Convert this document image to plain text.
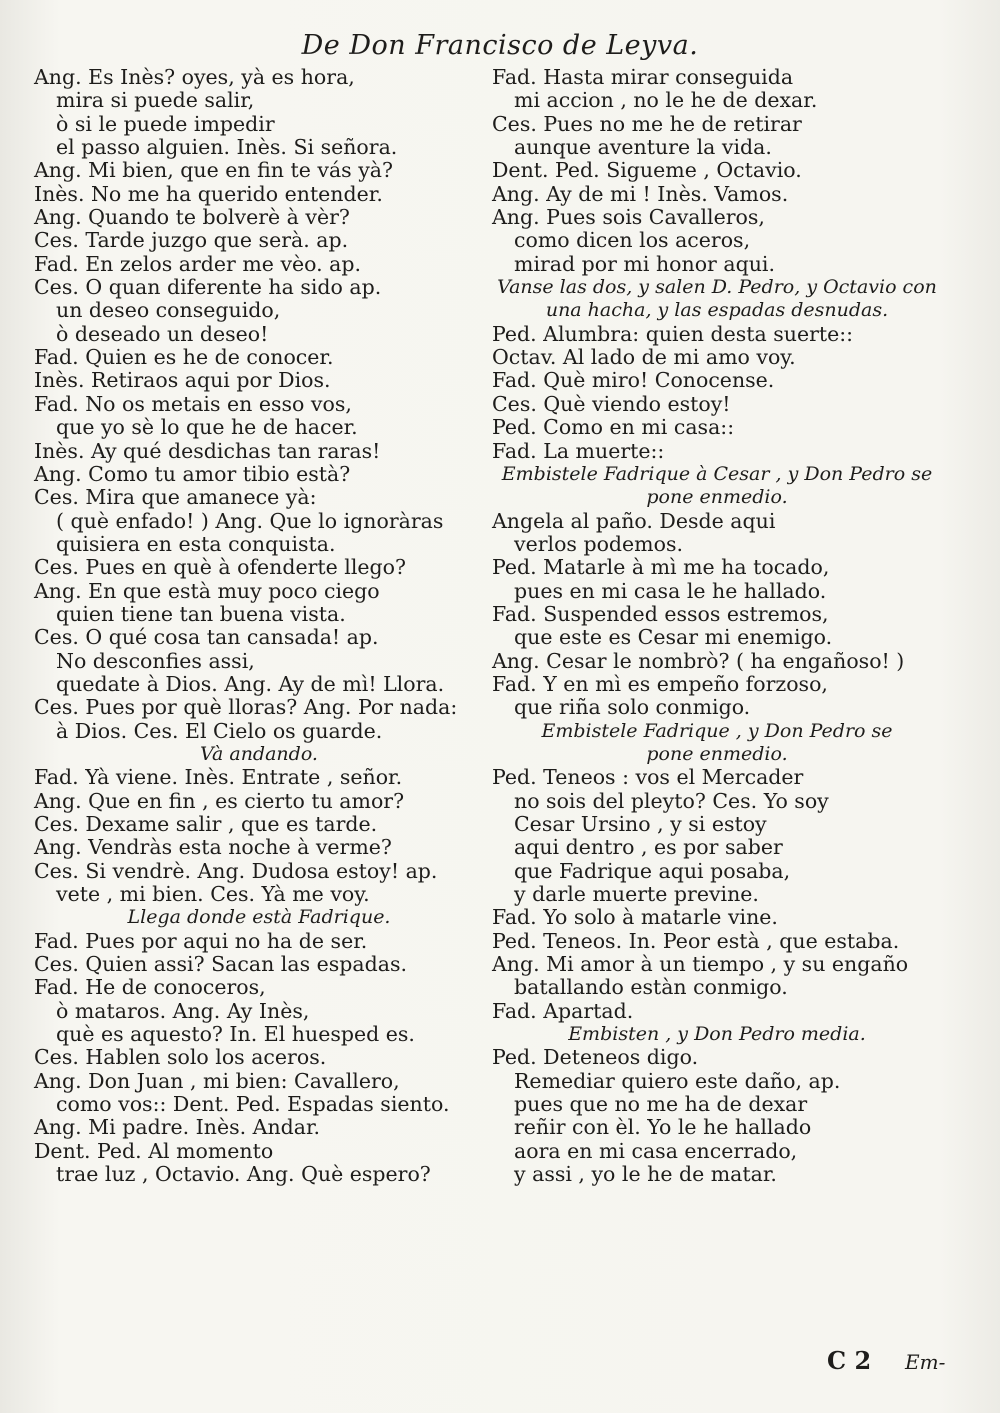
De Don Francisco de Leyva.
Ang. Es Inès? oyes, yà es hora,
mira si puede salir,
ò si le puede impedir
el passo alguien. Inès. Si señora.
Ang. Mi bien, que en fin te vás yà?
Inès. No me ha querido entender.
Ang. Quando te bolverè à vèr?
Ces. Tarde juzgo que serà. ap.
Fad. En zelos arder me vèo. ap.
Ces. O quan diferente ha sido ap.
un deseo conseguido,
ò deseado un deseo!
Fad. Quien es he de conocer.
Inès. Retiraos aqui por Dios.
Fad. No os metais en esso vos,
que yo sè lo que he de hacer.
Inès. Ay qué desdichas tan raras!
Ang. Como tu amor tibio està?
Ces. Mira que amanece yà:
( què enfado! ) Ang. Que lo ignoràras
quisiera en esta conquista.
Ces. Pues en què à ofenderte llego?
Ang. En que està muy poco ciego
quien tiene tan buena vista.
Ces. O qué cosa tan cansada! ap.
No desconfies assi,
quedate à Dios. Ang. Ay de mì! Llora.
Ces. Pues por què lloras? Ang. Por nada:
à Dios. Ces. El Cielo os guarde.
Và andando.
Fad. Yà viene. Inès. Entrate , señor.
Ang. Que en fin , es cierto tu amor?
Ces. Dexame salir , que es tarde.
Ang. Vendràs esta noche à verme?
Ces. Si vendrè. Ang. Dudosa estoy! ap.
vete , mi bien. Ces. Yà me voy.
Llega donde està Fadrique.
Fad. Pues por aqui no ha de ser.
Ces. Quien assi? Sacan las espadas.
Fad. He de conoceros,
ò mataros. Ang. Ay Inès,
què es aquesto? In. El huesped es.
Ces. Hablen solo los aceros.
Ang. Don Juan , mi bien: Cavallero,
como vos:: Dent. Ped. Espadas siento.
Ang. Mi padre. Inès. Andar.
Dent. Ped. Al momento
trae luz , Octavio. Ang. Què espero?
Fad. Hasta mirar conseguida
mi accion , no le he de dexar.
Ces. Pues no me he de retirar
aunque aventure la vida.
Dent. Ped. Sigueme , Octavio.
Ang. Ay de mi ! Inès. Vamos.
Ang. Pues sois Cavalleros,
como dicen los aceros,
mirad por mi honor aqui.
Vanse las dos, y salen D. Pedro, y Octavio con
una hacha, y las espadas desnudas.
Ped. Alumbra: quien desta suerte::
Octav. Al lado de mi amo voy.
Fad. Què miro! Conocense.
Ces. Què viendo estoy!
Ped. Como en mi casa::
Fad. La muerte::
Embistele Fadrique à Cesar , y Don Pedro se
pone enmedio.
Angela al paño. Desde aqui
verlos podemos.
Ped. Matarle à mì me ha tocado,
pues en mi casa le he hallado.
Fad. Suspended essos estremos,
que este es Cesar mi enemigo.
Ang. Cesar le nombrò? ( ha engañoso! )
Fad. Y en mì es empeño forzoso,
que riña solo conmigo.
Embistele Fadrique , y Don Pedro se
pone enmedio.
Ped. Teneos : vos el Mercader
no sois del pleyto? Ces. Yo soy
Cesar Ursino , y si estoy
aqui dentro , es por saber
que Fadrique aqui posaba,
y darle muerte previne.
Fad. Yo solo à matarle vine.
Ped. Teneos. In. Peor està , que estaba.
Ang. Mi amor à un tiempo , y su engaño
batallando estàn conmigo.
Fad. Apartad.
Embisten , y Don Pedro media.
Ped. Deteneos digo.
Remediar quiero este daño, ap.
pues que no me ha de dexar
reñir con èl. Yo le he hallado
aora en mi casa encerrado,
y assi , yo le he de matar.
C 2 Em-
